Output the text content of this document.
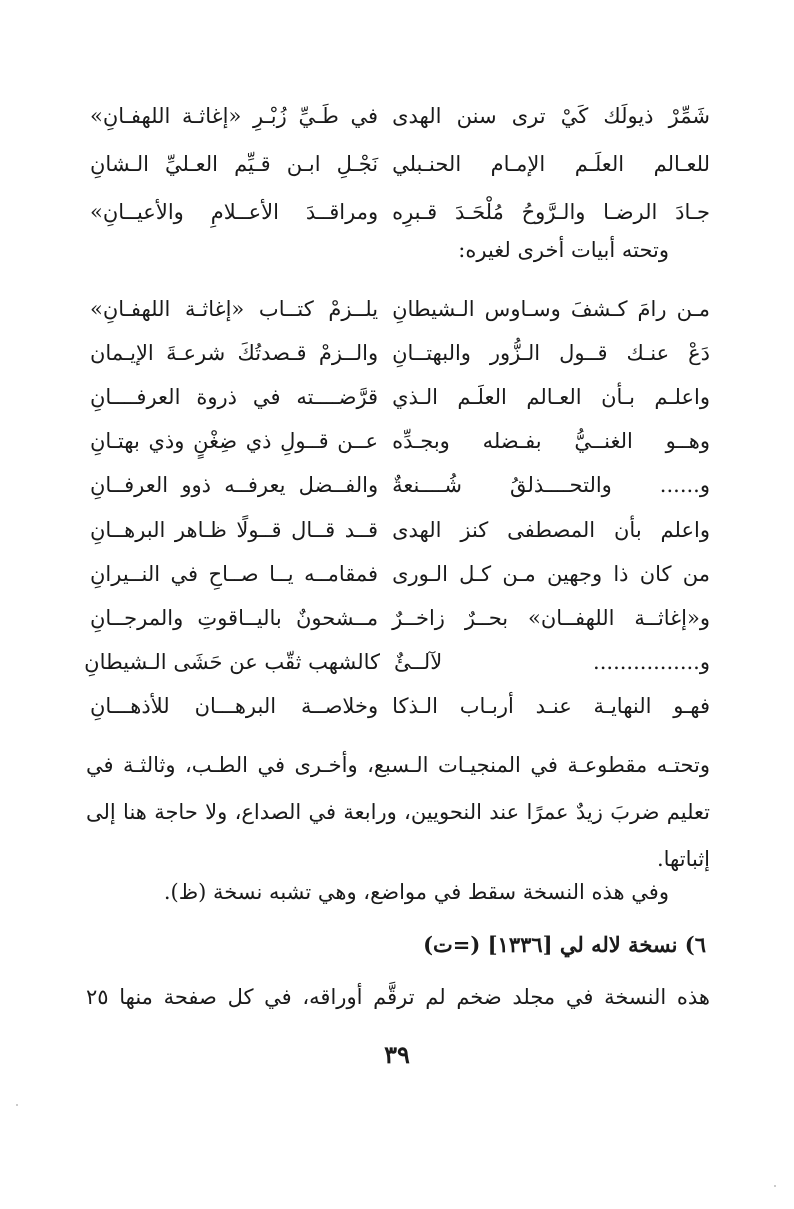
شَمِّرْ ذيولَك كَيْ ترى سنن الهدى
في طَـيِّ زُبْـرِ «إغاثـة اللهفـانِ»
للعـالم العلَـم الإمـام الحنـبلي
نَجْـلِ ابـن قـيِّم العـليِّ الـشانِ
جـادَ الرضـا والـرَّوحُ مُلْحَـدَ قـبرِه
ومراقــدَ الأعــلامِ والأعيــانِ»
وتحته أبيات أخرى لغيره:
مـن رامَ كـشفَ وسـاوس الـشيطانِ
يلــزمْ كتــاب «إغاثـة اللهفـانِ»
دَعْ عنـك قــول الـزُّور والبهتــانِ
والــزمْ قـصدتُكَ شرعـةَ الإيـمان
واعلـم بـأن العـالم العلَـم الـذي
قرَّضــــته في ذروة العرفــــانِ
وهــو الغنــيُّ بفـضله وبجـدِّه
عــن قــولِ ذي ضِغْنٍ وذي بهتـانِ
و...... والتحــــذلقُ شُــــنعةٌ
والفــضل يعرفــه ذوو العرفــانِ
واعلم بأن المصطفى كنز الهدى
قــد قــال قــولًا ظـاهر البرهــانِ
من كان ذا وجهين مـن كـل الـورى
فمقامــه يــا صــاحِ في النــيرانِ
و«إغاثــة اللهفــان» بحــرٌ زاخــرٌ
مــشحونٌ باليــاقوتِ والمرجــانِ
و................ لآلــئٌ
كالشهب ثقّب عن حَشَى الـشيطانِ
فهـو النهايـة عنـد أربـاب الـذكا
وخلاصــة البرهـــان للأذهـــانِ
وتحتـه مقطوعـة في المنجيـات الـسبع، وأخـرى في الطـب، وثالثـة في
تعليم ضربَ زيدٌ عمرًا عند النحويين، ورابعة في الصداع، ولا حاجة هنا إلى
إثباتها.
وفي هذه النسخة سقط في مواضع، وهي تشبه نسخة (ظ).
٦) نسخة لاله لي [١٣٣٦] (=ت)
هذه النسخة في مجلد ضخم لم ترقَّم أوراقه، في كل صفحة منها ٢٥
٣٩
